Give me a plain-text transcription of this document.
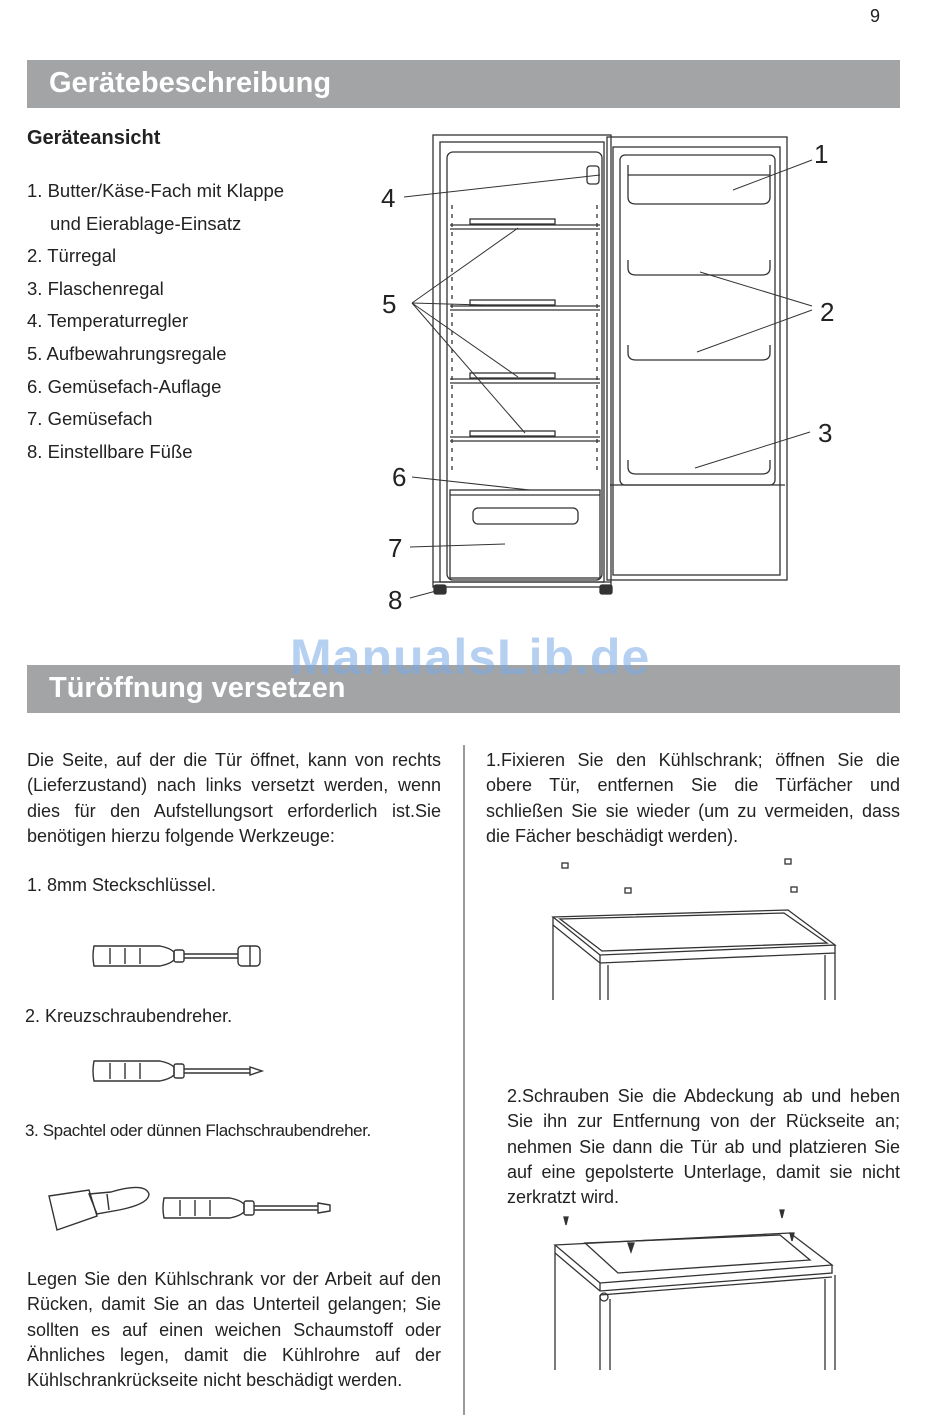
9
Gerätebeschreibung
Geräteansicht
1. Butter/Käse-Fach mit Klappe
und Eierablage-Einsatz
2. Türregal
3. Flaschenregal
4. Temperaturregler
5. Aufbewahrungsregale
6. Gemüsefach-Auflage
7. Gemüsefach
8. Einstellbare Füße
1
2
3
4
5
6
7
8
Türöffnung versetzen
ManualsLib.de

Die Seite, auf der die Tür öffnet, kann von rechts (Lieferzustand) nach links versetzt werden, wenn dies für den Aufstellungsort erforderlich ist.Sie benötigen hierzu folgende Werkzeuge:

1. 8mm Steckschlüssel.

2. Kreuzschraubendreher.

3. Spachtel oder dünnen Flachschraubendreher.

Legen Sie den Kühlschrank vor der Arbeit auf den Rücken, damit Sie an das Unterteil gelangen; Sie sollten es auf einen weichen Schaumstoff oder Ähnliches legen, damit die Kühlrohre auf der Kühlschrankrückseite nicht beschädigt werden.

1.Fixieren Sie den Kühlschrank; öffnen Sie die obere Tür, entfernen Sie die Türfächer und schließen Sie sie wieder (um zu vermeiden, dass die Fächer beschädigt werden).

2.Schrauben Sie die Abdeckung ab und heben Sie ihn zur Entfernung von der Rückseite an; nehmen Sie dann die Tür ab und platzieren Sie auf eine gepolsterte Unterlage, damit sie nicht zerkratzt wird.
